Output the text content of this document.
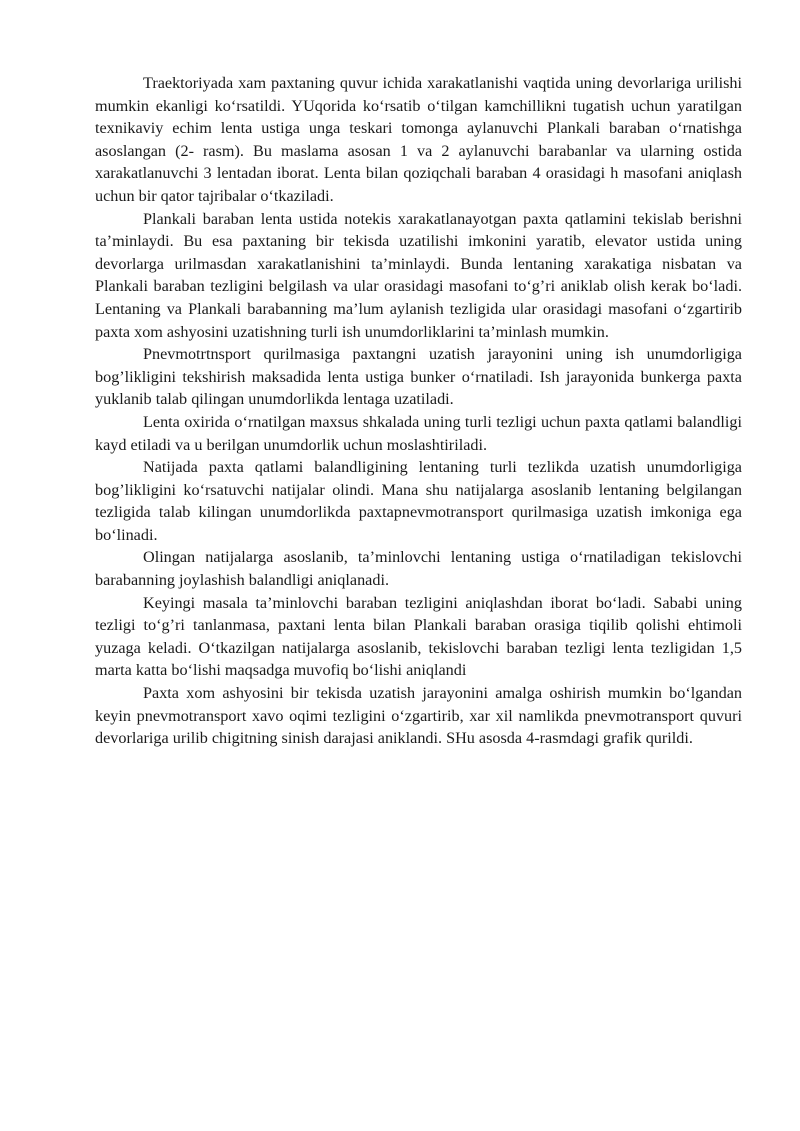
Traektoriyada xam paxtaning quvur ichida xarakatlanishi vaqtida uning devorlariga urilishi mumkin ekanligi ko‘rsatildi. YUqorida ko‘rsatib o‘tilgan kamchillikni tugatish uchun yaratilgan texnikaviy echim lenta ustiga unga teskari tomonga aylanuvchi Plankali baraban o‘rnatishga asoslangan (2- rasm). Bu maslama asosan 1 va 2 aylanuvchi barabanlar va ularning ostida xarakatlanuvchi 3 lentadan iborat. Lenta bilan qoziqchali baraban 4 orasidagi h masofani aniqlash uchun bir qator tajribalar o‘tkaziladi.

Plankali baraban lenta ustida notekis xarakatlanayotgan paxta qatlamini tekislab berishni ta’minlaydi. Bu esa paxtaning bir tekisda uzatilishi imkonini yaratib, elevator ustida uning devorlarga urilmasdan xarakatlanishini ta’minlaydi. Bunda lentaning xarakatiga nisbatan va Plankali baraban tezligini belgilash va ular orasidagi masofani to‘g’ri aniklab olish kerak bo‘ladi. Lentaning va Plankali barabanning ma’lum aylanish tezligida ular orasidagi masofani o‘zgartirib paxta xom ashyosini uzatishning turli ish unumdorliklarini ta’minlash mumkin.

Pnevmotrtnsport qurilmasiga paxtangni uzatish jarayonini uning ish unumdorligiga bog’likligini tekshirish maksadida lenta ustiga bunker o‘rnatiladi. Ish jarayonida bunkerga paxta yuklanib talab qilingan unumdorlikda lentaga uzatiladi.

Lenta oxirida o‘rnatilgan maxsus shkalada uning turli tezligi uchun paxta qatlami balandligi kayd etiladi va u berilgan unumdorlik uchun moslashtiriladi.

Natijada paxta qatlami balandligining lentaning turli tezlikda uzatish unumdorligiga bog’likligini ko‘rsatuvchi natijalar olindi. Mana shu natijalarga asoslanib lentaning belgilangan tezligida talab kilingan unumdorlikda paxtapnevmotransport qurilmasiga uzatish imkoniga ega bo‘linadi.

Olingan natijalarga asoslanib, ta’minlovchi lentaning ustiga o‘rnatiladigan tekislovchi barabanning joylashish balandligi aniqlanadi.

Keyingi masala ta’minlovchi baraban tezligini aniqlashdan iborat bo‘ladi. Sababi uning tezligi to‘g’ri tanlanmasa, paxtani lenta bilan Plankali baraban orasiga tiqilib qolishi ehtimoli yuzaga keladi. O‘tkazilgan natijalarga asoslanib, tekislovchi baraban tezligi lenta tezligidan 1,5 marta katta bo‘lishi maqsadga muvofiq bo‘lishi aniqlandi

Paxta xom ashyosini bir tekisda uzatish jarayonini amalga oshirish mumkin bo‘lgandan keyin pnevmotransport xavo oqimi tezligini o‘zgartirib, xar xil namlikda pnevmotransport quvuri devorlariga urilib chigitning sinish darajasi aniklandi. SHu asosda 4-rasmdagi grafik qurildi.
